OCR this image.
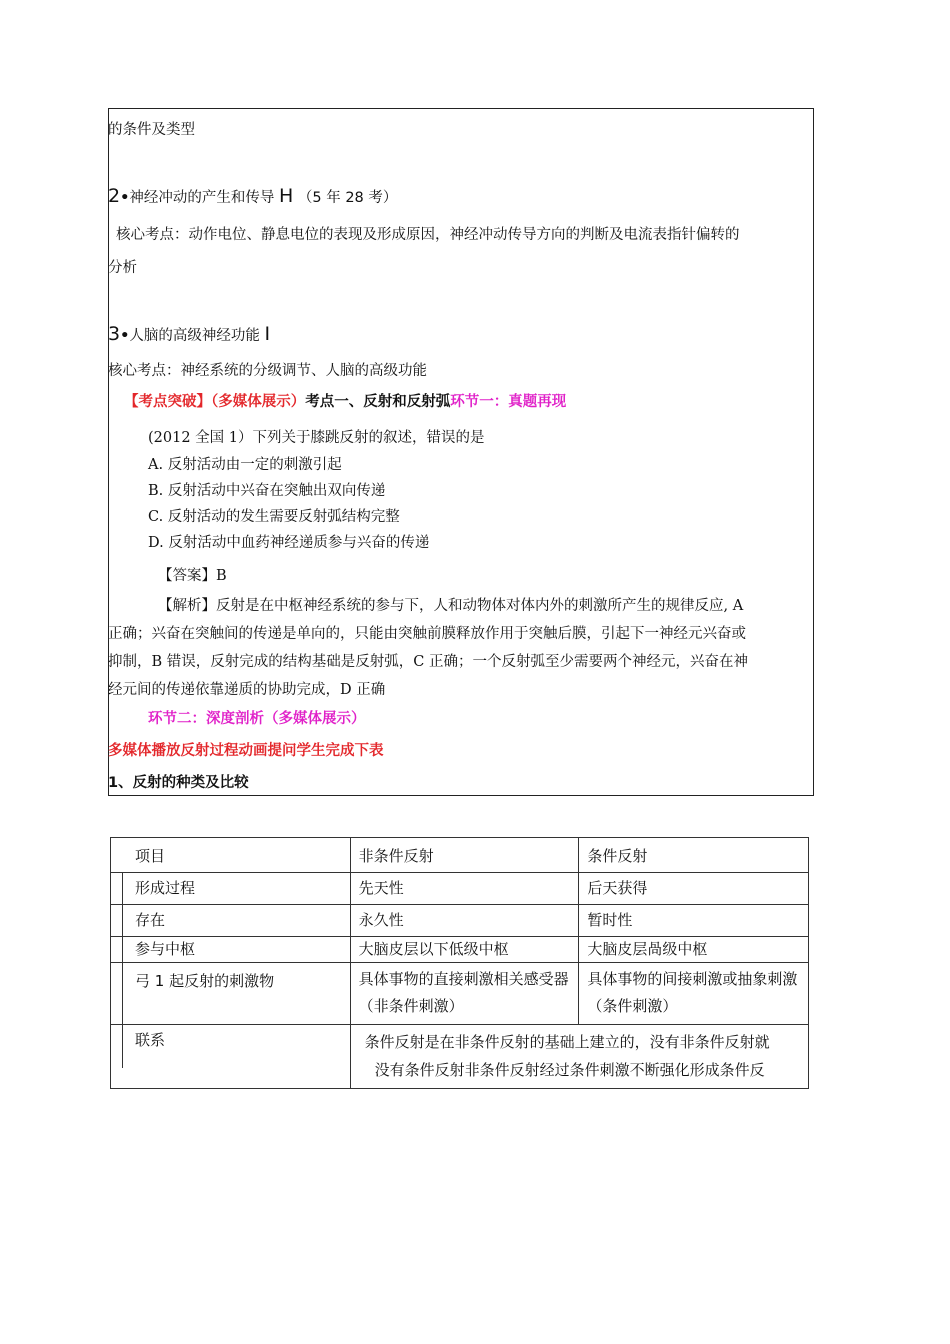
的条件及类型
2•神经冲动的产生和传导 H （5 年 28 考）
核心考点：动作电位、静息电位的表现及形成原因，神经冲动传导方向的判断及电流表指针偏转的
分析
3•人脑的高级神经功能 I
核心考点：神经系统的分级调节、人脑的高级功能
【考点突破】（多媒体展示）考点一、反射和反射弧环节一：真题再现
(2012 全国 1）下列关于膝跳反射的叙述，错误的是
A. 反射活动由一定的刺激引起
B. 反射活动中兴奋在突触出双向传递
C. 反射活动的发生需要反射弧结构完整
D. 反射活动中血药神经递质参与兴奋的传递
【答案】B
【解析】反射是在中枢神经系统的参与下，人和动物体对体内外的刺激所产生的规律反应, A
正确；兴奋在突触间的传递是单向的，只能由突触前膜释放作用于突触后膜，引起下一神经元兴奋或
抑制，B 错误，反射完成的结构基础是反射弧，C 正确；一个反射弧至少需要两个神经元，兴奋在神
经元间的传递依靠递质的协助完成，D 正确
环节二：深度剖析（多媒体展示）
多媒体播放反射过程动画提问学生完成下表
1、反射的种类及比较
项目	非条件反射	条件反射

形成过程	先天性	后天获得

存在	永久性	暂时性

参与中枢	大脑皮层以下低级中枢	大脑皮层咼级中枢

弓 1 起反射的刺激物	具体事物的直接刺激相关感受器（非条件刺激）	具体事物的间接刺激或抽象刺激（条件刺激）

联系	条件反射是在非条件反射的基础上建立的，没有非条件反射就
没有条件反射非条件反射经过条件刺激不断强化形成条件反	
